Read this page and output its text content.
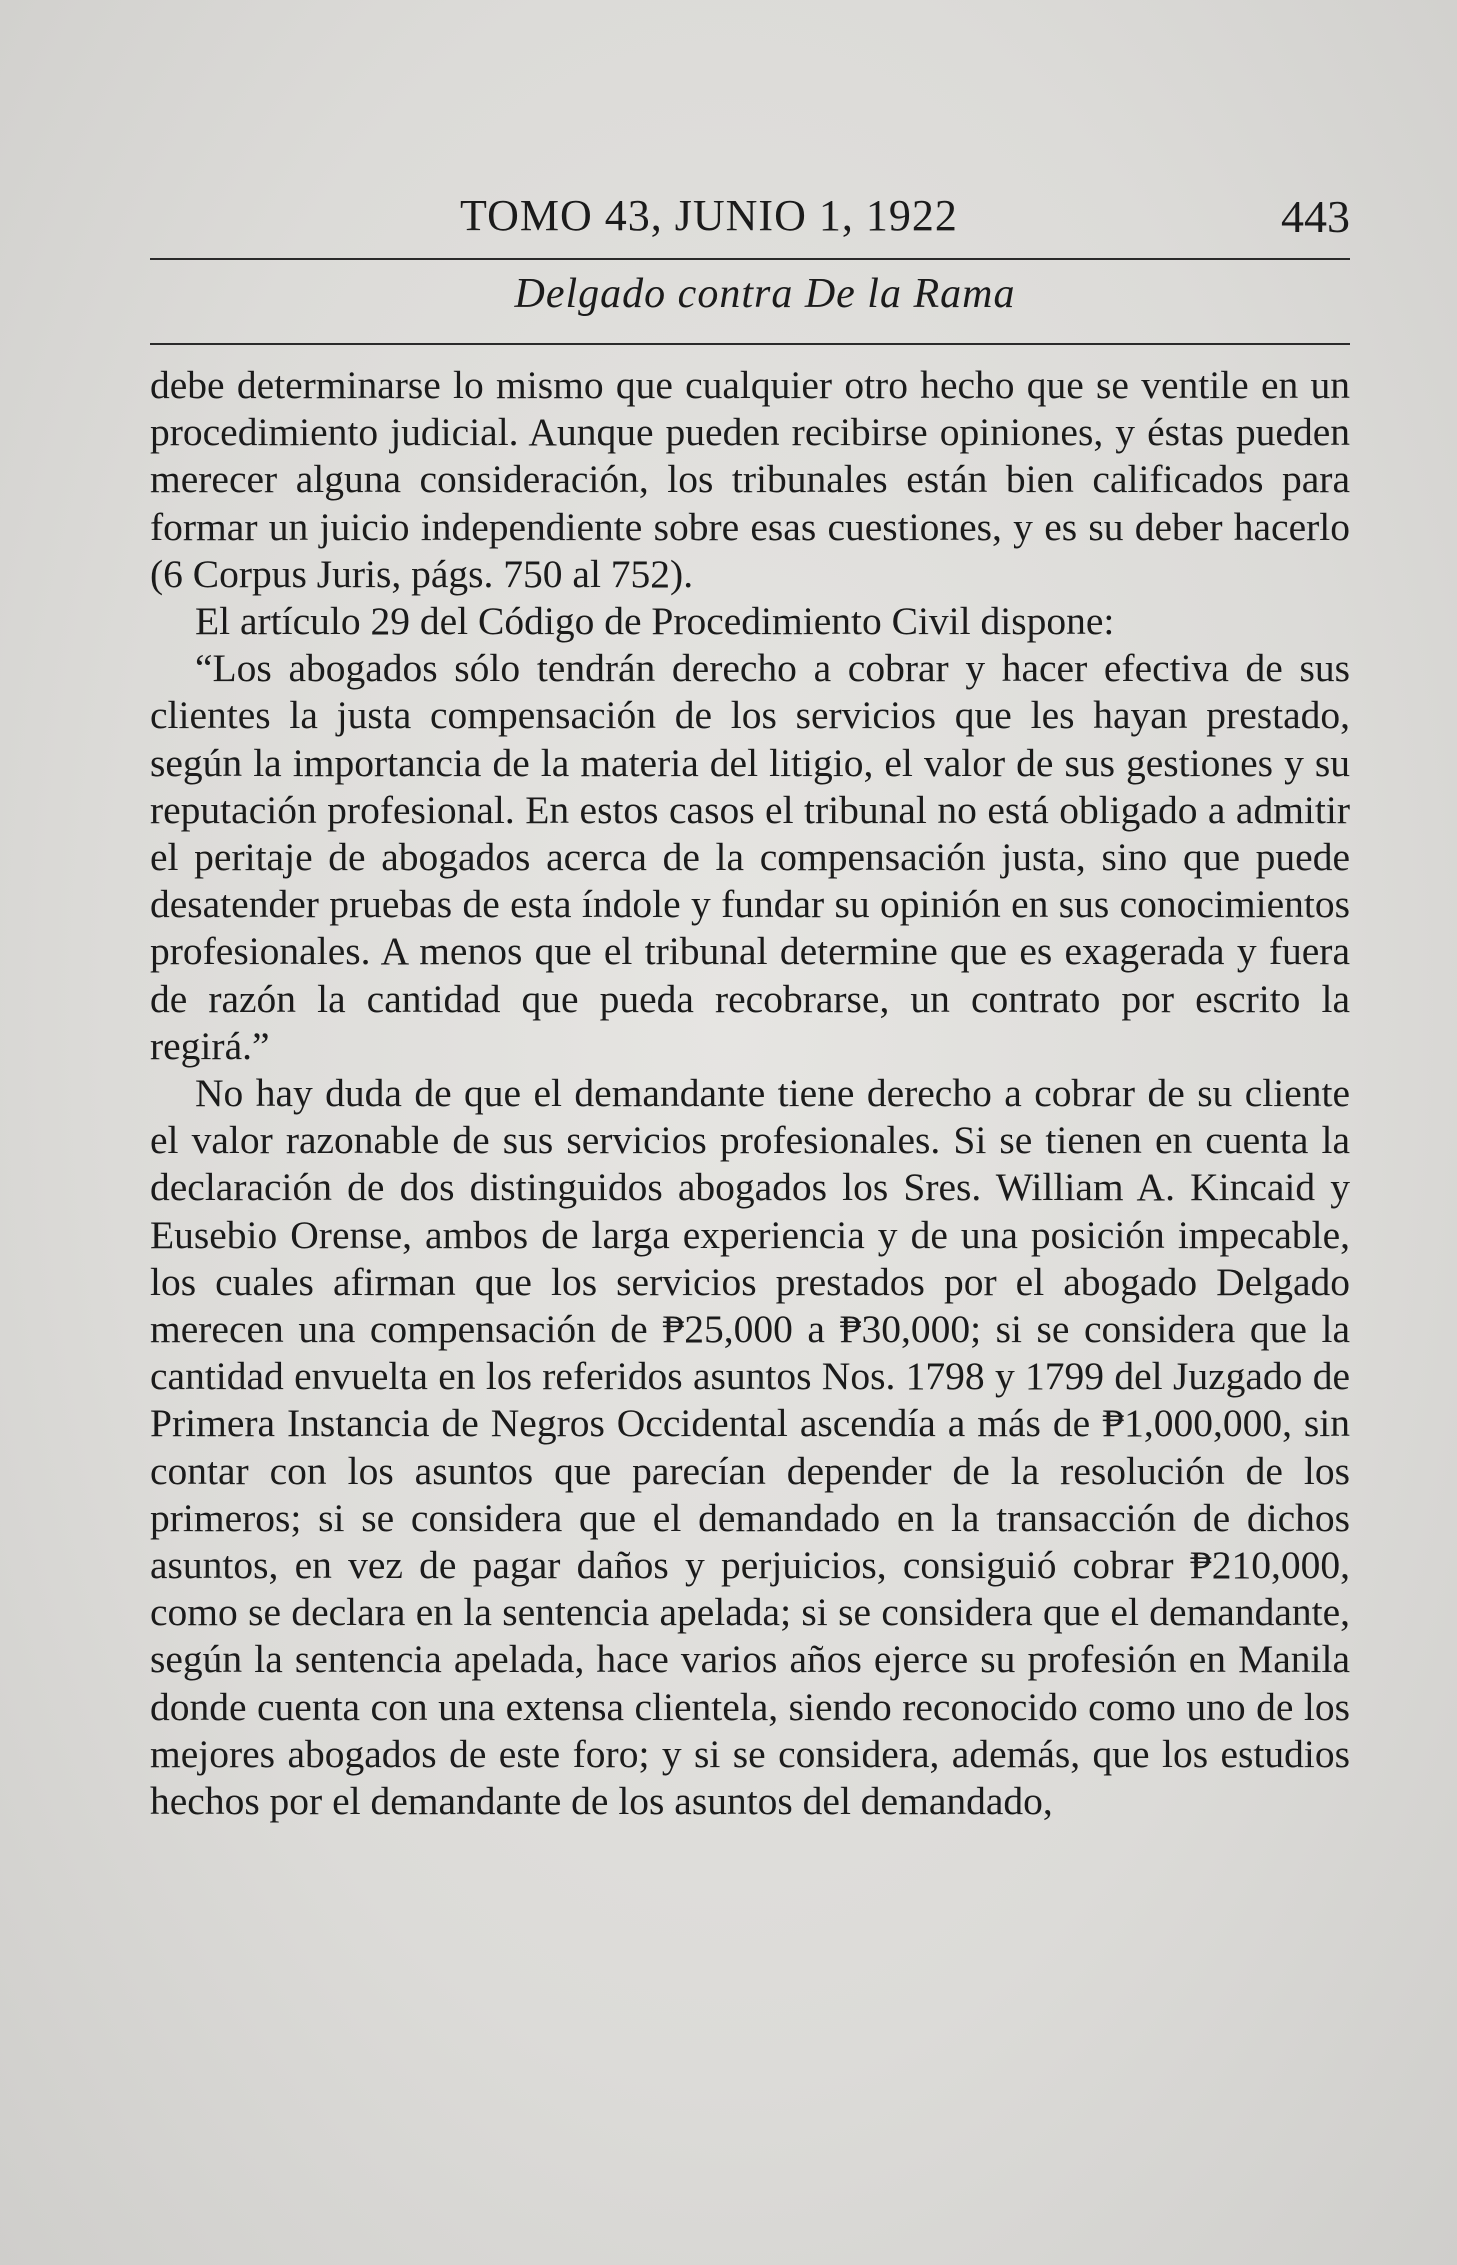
TOMO 43, JUNIO 1, 1922	443
Delgado contra De la Rama

debe determinarse lo mismo que cualquier otro hecho que se ventile en un procedimiento judicial. Aunque pueden recibirse opiniones, y éstas pueden merecer alguna consideración, los tribunales están bien calificados para formar un juicio independiente sobre esas cuestiones, y es su deber hacerlo (6 Corpus Juris, págs. 750 al 752).

El artículo 29 del Código de Procedimiento Civil dispone:

“Los abogados sólo tendrán derecho a cobrar y hacer efectiva de sus clientes la justa compensación de los servicios que les hayan prestado, según la importancia de la materia del litigio, el valor de sus gestiones y su reputación profesional. En estos casos el tribunal no está obligado a admitir el peritaje de abogados acerca de la compensación justa, sino que puede desatender pruebas de esta índole y fundar su opinión en sus conocimientos profesionales. A menos que el tribunal determine que es exagerada y fuera de razón la cantidad que pueda recobrarse, un contrato por escrito la regirá.”

No hay duda de que el demandante tiene derecho a cobrar de su cliente el valor razonable de sus servicios profesionales. Si se tienen en cuenta la declaración de dos distinguidos abogados los Sres. William A. Kincaid y Eusebio Orense, ambos de larga experiencia y de una posición impecable, los cuales afirman que los servicios prestados por el abogado Delgado merecen una compensación de ₱25,000 a ₱30,000; si se considera que la cantidad envuelta en los referidos asuntos Nos. 1798 y 1799 del Juzgado de Primera Instancia de Negros Occidental ascendía a más de ₱1,000,000, sin contar con los asuntos que parecían depender de la resolución de los primeros; si se considera que el demandado en la transacción de dichos asuntos, en vez de pagar daños y perjuicios, consiguió cobrar ₱210,000, como se declara en la sentencia apelada; si se considera que el demandante, según la sentencia apelada, hace varios años ejerce su profesión en Manila donde cuenta con una extensa clientela, siendo reconocido como uno de los mejores abogados de este foro; y si se considera, además, que los estudios hechos por el demandante de los asuntos del demandado,
